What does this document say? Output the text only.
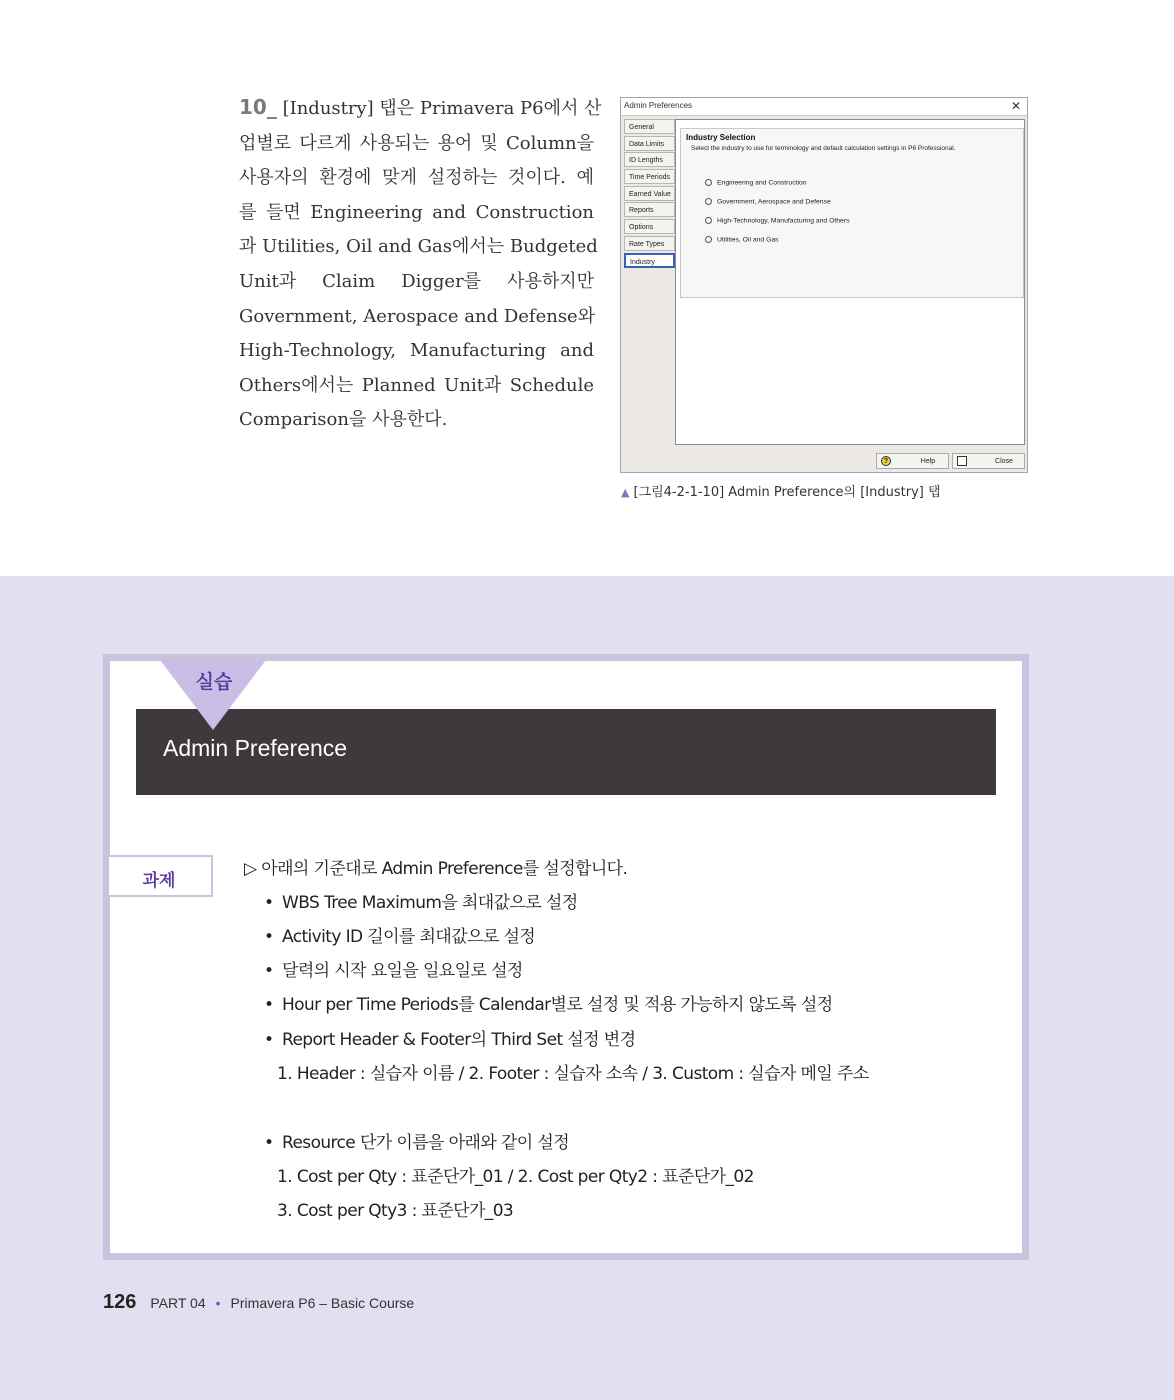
10_ [Industry] 탭은 Primavera P6에서 산
업별로 다르게 사용되는 용어 및 Column을
사용자의 환경에 맞게 설정하는 것이다. 예
를 들면 Engineering and Construction
과 Utilities, Oil and Gas에서는 Budgeted
Unit과 Claim Digger를 사용하지만
Government, Aerospace and Defense와
High-Technology, Manufacturing and
Others에서는 Planned Unit과 Schedule
Comparison을 사용한다.
Admin Preferences	✕
General
Data Limits
ID Lengths
Time Periods
Earned Value
Reports
Options
Rate Types
Industry
Industry Selection
Select the industry to use for terminology and default calculation settings in P6 Professional.
Engineering and Construction
Government, Aerospace and Defense
High-Technology, Manufacturing and Others
Utilities, Oil and Gas
?	Help	Close
▲ [그림4-2-1-10] Admin Preference의 [Industry] 탭
실습
Admin Preference
과제
▷ 아래의 기준대로 Admin Preference를 설정합니다.
• WBS Tree Maximum을 최대값으로 설정
• Activity ID 길이를 최대값으로 설정
• 달력의 시작 요일을 일요일로 설정
• Hour per Time Periods를 Calendar별로 설정 및 적용 가능하지 않도록 설정
• Report Header & Footer의 Third Set 설정 변경
1. Header : 실습자 이름 / 2. Footer : 실습자 소속 / 3. Custom : 실습자 메일 주소
• Resource 단가 이름을 아래와 같이 설정
1. Cost per Qty : 표준단가_01 / 2. Cost per Qty2 : 표준단가_02
3. Cost per Qty3 : 표준단가_03
126 PART 04 • Primavera P6 – Basic Course
